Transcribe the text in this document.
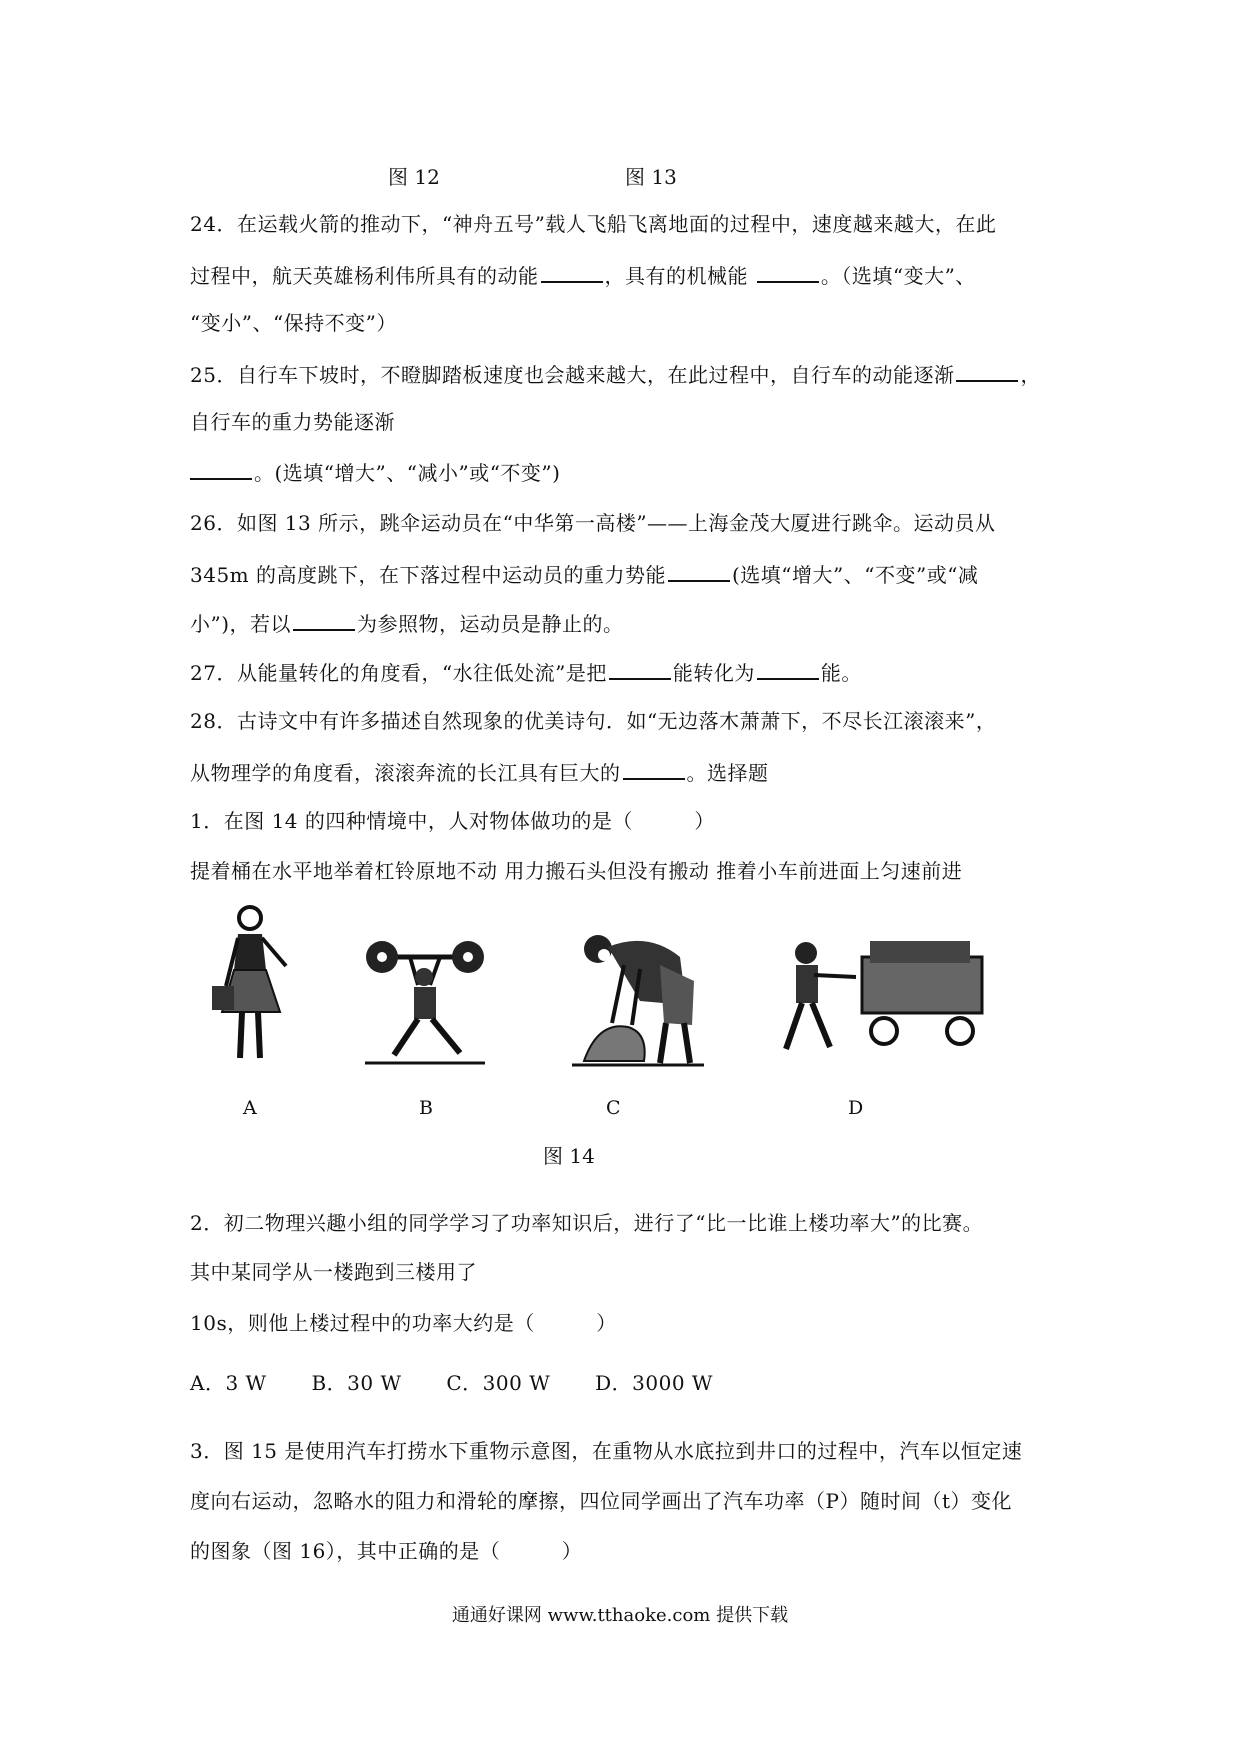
图 12	图 13
24．在运载火箭的推动下，“神舟五号”载人飞船飞离地面的过程中，速度越来越大，在此
过程中，航天英雄杨利伟所具有的动能	，具有的机械能	。（选填“变大”、
“变小”、“保持不变”）
25．自行车下坡时，不瞪脚踏板速度也会越来越大，在此过程中，自行车的动能逐渐	，
自行车的重力势能逐渐
。(选填“增大”、“减小”或“不变”)
26．如图 13 所示，跳伞运动员在“中华第一高楼”——上海金茂大厦进行跳伞。运动员从
345m 的高度跳下，在下落过程中运动员的重力势能	(选填“增大”、“不变”或“减
小”)，若以	为参照物，运动员是静止的。
27．从能量转化的角度看，“水往低处流”是把	能转化为	能。
28．古诗文中有许多描述自然现象的优美诗句．如“无边落木萧萧下，不尽长江滚滚来”，
从物理学的角度看，滚滚奔流的长江具有巨大的	。选择题
1．在图 14 的四种情境中，人对物体做功的是（　　　）
提着桶在水平地举着杠铃原地不动 用力搬石头但没有搬动 推着小车前进面上匀速前进
A	B	C	D
图 14
2．初二物理兴趣小组的同学学习了功率知识后，进行了“比一比谁上楼功率大”的比赛。
其中某同学从一楼跑到三楼用了
10s，则他上楼过程中的功率大约是（　　　）
A．3 W B．30 W C．300 W D．3000 W
3．图 15 是使用汽车打捞水下重物示意图，在重物从水底拉到井口的过程中，汽车以恒定速
度向右运动，忽略水的阻力和滑轮的摩擦，四位同学画出了汽车功率（P）随时间（t）变化
的图象（图 16），其中正确的是（　　　）
通通好课网 www.tthaoke.com 提供下载
